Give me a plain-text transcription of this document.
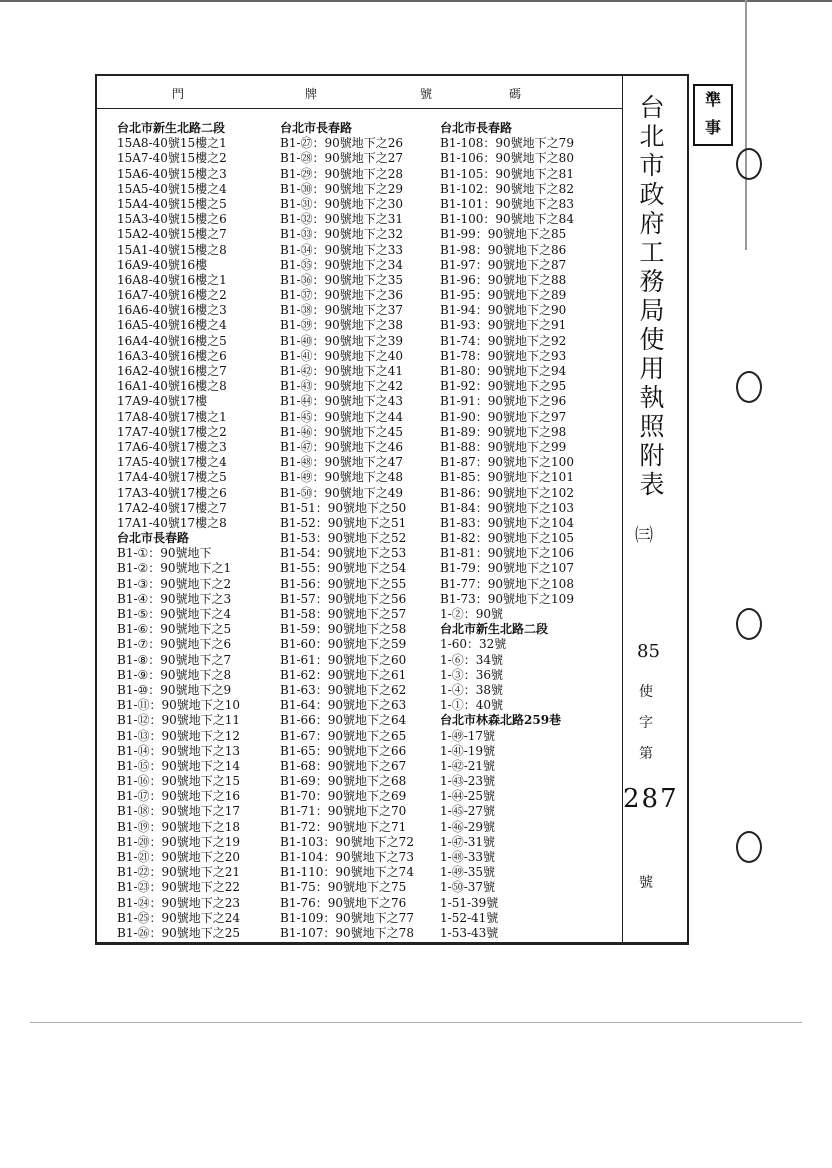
準
事
門	牌	號	碼
台北市新生北路二段
15A8-40號15樓之1
15A7-40號15樓之2
15A6-40號15樓之3
15A5-40號15樓之4
15A4-40號15樓之5
15A3-40號15樓之6
15A2-40號15樓之7
15A1-40號15樓之8
16A9-40號16樓
16A8-40號16樓之1
16A7-40號16樓之2
16A6-40號16樓之3
16A5-40號16樓之4
16A4-40號16樓之5
16A3-40號16樓之6
16A2-40號16樓之7
16A1-40號16樓之8
17A9-40號17樓
17A8-40號17樓之1
17A7-40號17樓之2
17A6-40號17樓之3
17A5-40號17樓之4
17A4-40號17樓之5
17A3-40號17樓之6
17A2-40號17樓之7
17A1-40號17樓之8
台北市長春路
B1-①：90號地下
B1-②：90號地下之1
B1-③：90號地下之2
B1-④：90號地下之3
B1-⑤：90號地下之4
B1-⑥：90號地下之5
B1-⑦：90號地下之6
B1-⑧：90號地下之7
B1-⑨：90號地下之8
B1-⑩：90號地下之9
B1-⑪：90號地下之10
B1-⑫：90號地下之11
B1-⑬：90號地下之12
B1-⑭：90號地下之13
B1-⑮：90號地下之14
B1-⑯：90號地下之15
B1-⑰：90號地下之16
B1-⑱：90號地下之17
B1-⑲：90號地下之18
B1-⑳：90號地下之19
B1-㉑：90號地下之20
B1-㉒：90號地下之21
B1-㉓：90號地下之22
B1-㉔：90號地下之23
B1-㉕：90號地下之24
B1-㉖：90號地下之25
台北市長春路
B1-㉗：90號地下之26
B1-㉘：90號地下之27
B1-㉙：90號地下之28
B1-㉚：90號地下之29
B1-㉛：90號地下之30
B1-㉜：90號地下之31
B1-㉝：90號地下之32
B1-㉞：90號地下之33
B1-㉟：90號地下之34
B1-㊱：90號地下之35
B1-㊲：90號地下之36
B1-㊳：90號地下之37
B1-㊴：90號地下之38
B1-㊵：90號地下之39
B1-㊶：90號地下之40
B1-㊷：90號地下之41
B1-㊸：90號地下之42
B1-㊹：90號地下之43
B1-㊺：90號地下之44
B1-㊻：90號地下之45
B1-㊼：90號地下之46
B1-㊽：90號地下之47
B1-㊾：90號地下之48
B1-㊿：90號地下之49
B1-51：90號地下之50
B1-52：90號地下之51
B1-53：90號地下之52
B1-54：90號地下之53
B1-55：90號地下之54
B1-56：90號地下之55
B1-57：90號地下之56
B1-58：90號地下之57
B1-59：90號地下之58
B1-60：90號地下之59
B1-61：90號地下之60
B1-62：90號地下之61
B1-63：90號地下之62
B1-64：90號地下之63
B1-66：90號地下之64
B1-67：90號地下之65
B1-65：90號地下之66
B1-68：90號地下之67
B1-69：90號地下之68
B1-70：90號地下之69
B1-71：90號地下之70
B1-72：90號地下之71
B1-103：90號地下之72
B1-104：90號地下之73
B1-110：90號地下之74
B1-75：90號地下之75
B1-76：90號地下之76
B1-109：90號地下之77
B1-107：90號地下之78
台北市長春路
B1-108：90號地下之79
B1-106：90號地下之80
B1-105：90號地下之81
B1-102：90號地下之82
B1-101：90號地下之83
B1-100：90號地下之84
B1-99：90號地下之85
B1-98：90號地下之86
B1-97：90號地下之87
B1-96：90號地下之88
B1-95：90號地下之89
B1-94：90號地下之90
B1-93：90號地下之91
B1-74：90號地下之92
B1-78：90號地下之93
B1-80：90號地下之94
B1-92：90號地下之95
B1-91：90號地下之96
B1-90：90號地下之97
B1-89：90號地下之98
B1-88：90號地下之99
B1-87：90號地下之100
B1-85：90號地下之101
B1-86：90號地下之102
B1-84：90號地下之103
B1-83：90號地下之104
B1-82：90號地下之105
B1-81：90號地下之106
B1-79：90號地下之107
B1-77：90號地下之108
B1-73：90號地下之109
1-②：90號
台北市新生北路二段
1-60：32號
1-⑥：34號
1-③：36號
1-④：38號
1-①：40號
台北市林森北路259巷
1-㊾-17號
1-㊶-19號
1-㊷-21號
1-㊸-23號
1-㊹-25號
1-㊺-27號
1-㊻-29號
1-㊼-31號
1-㊽-33號
1-㊾-35號
1-㊿-37號
1-51-39號
1-52-41號
1-53-43號
台北市政府工務局使用執照附表
㈢
85
使
字
第
287
號
